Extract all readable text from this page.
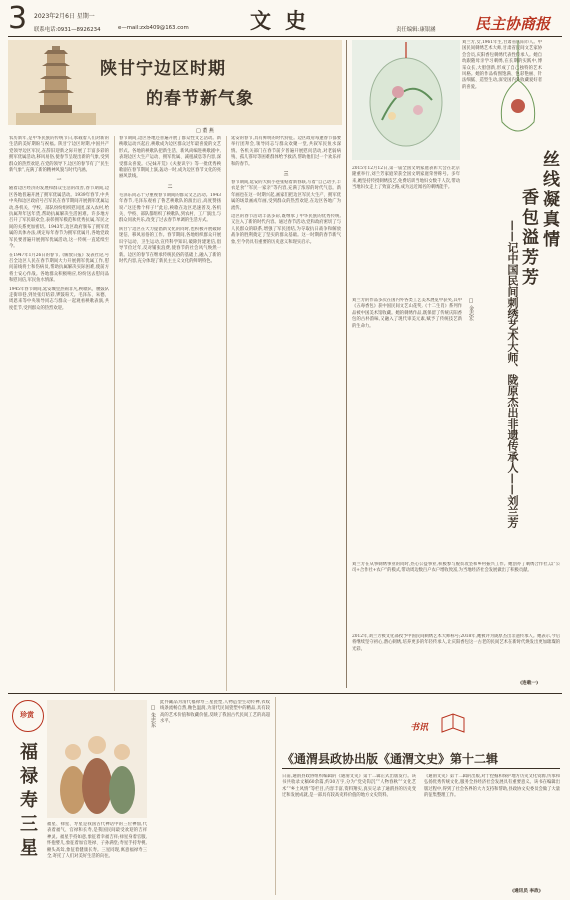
3 2023年2月6日 星期一
联系电话:0931—8926234	e—mail:zxb409@163.com	文史	责任编辑:康银涵	民主协商报
陕甘宁边区时期
的春节新气象
□ 董 燕
农历新年,是中华民族的传统节日,承载着人们对新的生活的美好期盼与祝福。陕甘宁边区时期,中国共产党领导边区军民,在辞旧迎新之际开展了丰富多彩的拥军优属活动,移风易俗,使春节呈现出新的气象,受到群众的热烈欢迎,在党的领导下,边区的春节有了“民生新气象”,充满了新的精神风貌与时代内涵。
一
随着边区经济的发展和群众生活的改善,春节期间,边区各地普遍开展了拥军优属活动。1939年春节,中共中央和边区政府号召军民在春节期间开展拥军优属运动,各机关、学校、部队纷纷组织慰问团,深入农村,给抗属拜年送年货,帮助抗属解决生活困难。许多地方召开了军民联欢会,表彰拥军模范和优秀抗属,军民之间的关系更加密切。1943年,边区政府颁布了拥军优属的具体办法,规定每年春节为拥军优属月,各地党政军民要普遍开展拥军优属活动,这一传统一直延续至今。
在1947年1月26日的春节,《解放日报》发表社论,号召全边区人民在春节期间大力开展拥军优属工作,慰问前线将士和伤病员,帮助抗属解决实际困难,使前方将士安心作战。各地群众积极响应,纷纷送去慰问品和慰问信,军民鱼水情深。
1945年春节期间,延安城里热闹非凡,秧歌队、腰鼓队走街串巷,到处张灯结彩,锣鼓喧天。毛泽东、朱德、周恩来等中央领导同志与群众一起观看秧歌表演,共度佳节,受到群众的热烈欢迎。
春节期间,边区各地还普遍开展了群众性文艺活动。新秧歌运动兴起后,秧歌成为边区群众过年最喜爱的文艺形式。各地的秧歌队把新生活、新风尚编进秧歌剧中,表现边区大生产运动、拥军优属、减租减息等内容,深受群众喜爱。《兄妹开荒》《夫妻识字》等一批优秀秧歌剧在春节期间上演,轰动一时,成为边区春节文化的亮丽风景线。
二
毛泽东同志十分重视春节期间的群众文艺活动。1943年春节,毛泽东观看了鲁艺秧歌队的演出后,高度赞扬说:“这还像个样子!”此后,秧歌在边区迅速普及,各机关、学校、部队都组织了秧歌队,到农村、工厂演出,与群众同欢共乐,改变了过去春节单调的生活方式。
陕甘宁边区在大力提倡新文化的同时,也积极开展破除迷信、移风易俗的工作。春节期间,各地组织群众开展识字运动、卫生运动,宣传科学知识,破除封建迷信,倡导节俭过年,反对铺张浪费,使春节的社会风气焕然一新。边区的春节在继承传统民俗的基础上,融入了新的时代内容,充分体现了新民主主义文化的鲜明特色。
延安的春节,具有鲜明的时代特征。边区政府每逢春节都要举行团拜会,领导同志与群众欢聚一堂,共叙军民鱼水深情。各机关部门在春节前夕普遍开展慰问活动,对老弱病残、孤儿寡母等困难群体给予救济,帮助他们过一个欢乐祥和的春节。
三
春节期间,延安的大街小巷张贴着新春联,写着“自己动手,丰衣足食”“军民一家亲”等内容,充满了浓厚的时代气息。新年画也在这一时期兴起,画家们把边区军民大生产、拥军优属的场景画成年画,受到群众的热烈欢迎,在边区各地广为流传。
边区的春节活动丰富多彩,既继承了中华民族的优秀传统,又注入了新的时代内容。通过春节活动,党和政府密切了与人民群众的联系,增强了军民团结,为夺取抗日战争和解放战争的胜利奠定了坚实的群众基础。这一时期的春节新气象,至今仍具有重要的历史意义和现实启示。	丝线凝真情
香包溢芳芳
——记中国民间刺绣艺术大师、陇原杰出非遗传承人——刘兰芳
□ 金志宏
刘兰芳,女,1961年生,甘肃省庆阳市人。中国民间刺绣艺术大师,甘肃省民间文艺家协会会员,庆阳香包刺绣代表性传承人。她自幼跟随母亲学习刺绣,在长期的实践中,博采众长,大胆创新,形成了自己独特的艺术风格。她的作品构图饱满、色彩艳丽、针法细腻、造型生动,深受国内外收藏爱好者的喜爱。
2015年12月12日,第一届全国文明家庭表彰大会在北京隆重举行,刘兰芳家庭荣获全国文明家庭荣誉称号。多年来,她坚持传授刺绣技艺,免费培训当地妇女数千人次,带动当地妇女走上了致富之路,成为远近闻名的刺绣能手。
刘兰芳的作品多次在国内外各类工艺美术展览中获奖,其中《五毒香包》获中国民间文艺山花奖,《十二生肖》系列作品被中国美术馆收藏。她的刺绣作品,既保留了传统庆阳香包的古朴韵味,又融入了现代审美元素,赋予了传统技艺新的生命力。
刘兰芳在从事刺绣事业的同时,热心公益事业,积极参与脱贫攻坚和乡村振兴工作。她创办了刺绣合作社,以“公司+合作社+农户”的模式,带动周边数百户农户增收致富,为当地经济社会发展做出了积极贡献。
2012年,刘兰芳被文化部授予中国民间刺绣艺术大师称号;2018年,她被评为陇原杰出非遗传承人。她表示,今后将继续坚守初心,潜心刺绣,培养更多的年轻传承人,让庆阳香包这一古老的民间艺术在新时代焕发出更加璀璨的光彩。
(连载一)
珍赏
福禄寿三星
□ 朱忠东
福星、禄星、寿星是我国古代神话中的三位神仙,代表着福气、官禄和长寿,是我国民间最受欢迎的吉祥神灵。福星手持如意,象征着幸福吉祥;禄星身着官服,怀抱婴儿,象征着加官进禄、子孙满堂;寿星手持寿桃,额头高耸,象征着健康长寿。三星同现,寓意福禄寿三全,寄托了人们对美好生活的向往。
此件藏品为清代福禄寿三星瓷塑,人物造型生动传神,衣纹线条流畅自然,釉色温润,为清代民间瓷塑中的精品,具有较高的艺术价值和收藏价值,反映了我国古代民间工艺的高超水平。
书讯
《通渭县政协出版《通渭文史》第十二辑
日前,通渭县政协组织编辑的《通渭文史》第十二辑正式出版发行。该书共收录文稿60余篇,约30万字,分为“党史钩沉”“人物春秋”“文化艺术”“乡土风情”等栏目,内容丰富,资料翔实,真实记录了通渭县的历史变迁和发展成就,是一部具有较高史料价值的地方文史资料。
《通渭文史》第十二辑的出版,对于挖掘和保护地方历史文化资源,传承和弘扬优秀传统文化,服务全县经济社会发展具有重要意义。该书在编辑出版过程中,得到了社会各界的大力支持和帮助,县政协文史委员会做了大量的征集整理工作。
(通讯员 李政)
